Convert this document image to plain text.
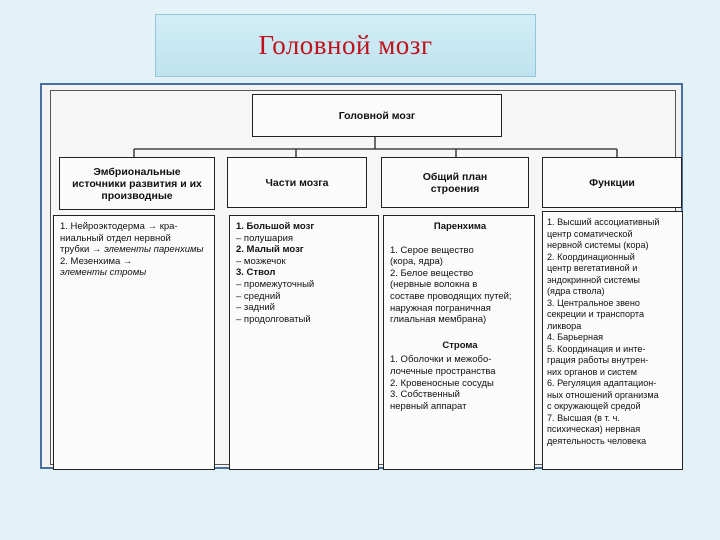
Головной мозг
Головной мозг
Эмбриональные источники развития и их производные
Части мозга	Общий план строения	Функции
1. Нейроэктодерма → кра-
ниальный отдел нервной
трубки → элементы паренхимы
2. Мезенхима →
элементы стромы
1. Большой мозг
– полушария
2. Малый мозг
– мозжечок
3. Ствол
– промежуточный
– средний
– задний
– продолговатый
Паренхима
1. Серое вещество
(кора, ядра)
2. Белое вещество
(нервные волокна в
составе проводящих путей;
наружная пограничная
глиальная мембрана)
Строма
1. Оболочки и межобо-
лочечные пространства
2. Кровеносные сосуды
3. Собственный
нервный аппарат
1. Высший ассоциативный
центр соматической
нервной системы (кора)
2. Координационный
центр вегетативной и
эндокринной системы
(ядра ствола)
3. Центральное звено
секреции и транспорта
ликвора
4. Барьерная
5. Координация и инте-
грация работы внутрен-
них органов и систем
6. Регуляция адаптацион-
ных отношений организма
с окружающей средой
7. Высшая (в т. ч.
психическая) нервная
деятельность человека
